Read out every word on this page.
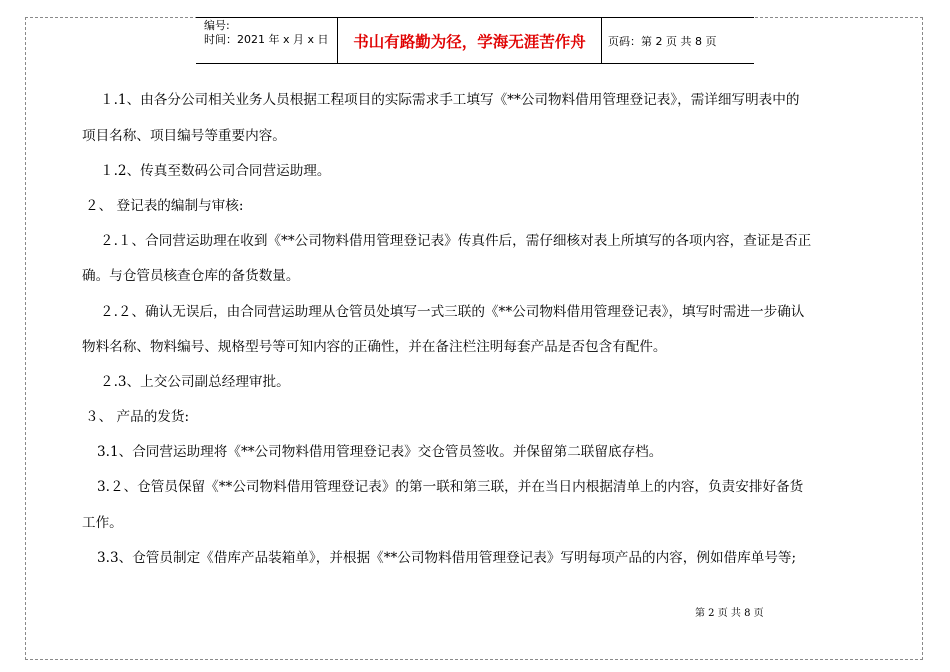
编号:
时间：2021 年 x 月 x 日	书山有路勤为径，学海无涯苦作舟	页码：第 2 页 共 8 页
１.1、由各分公司相关业务人员根据工程项目的实际需求手工填写《**公司物料借用管理登记表》，需详细写明表中的
项目名称、项目编号等重要内容。
１.2、传真至数码公司合同营运助理。
２、 登记表的编制与审核:
２.１、合同营运助理在收到《**公司物料借用管理登记表》传真件后，需仔细核对表上所填写的各项内容，查证是否正
确。与仓管员核查仓库的备货数量。
２.２、确认无误后，由合同营运助理从仓管员处填写一式三联的《**公司物料借用管理登记表》，填写时需进一步确认
物料名称、物料编号、规格型号等可知内容的正确性，并在备注栏注明每套产品是否包含有配件。
２.3、上交公司副总经理审批。
３、 产品的发货:
3.1、合同营运助理将《**公司物料借用管理登记表》交仓管员签收。并保留第二联留底存档。
3.２、仓管员保留《**公司物料借用管理登记表》的第一联和第三联，并在当日内根据清单上的内容，负责安排好备货
工作。
3.3、仓管员制定《借库产品装箱单》，并根据《**公司物料借用管理登记表》写明每项产品的内容，例如借库单号等;
第 2 页 共 8 页
